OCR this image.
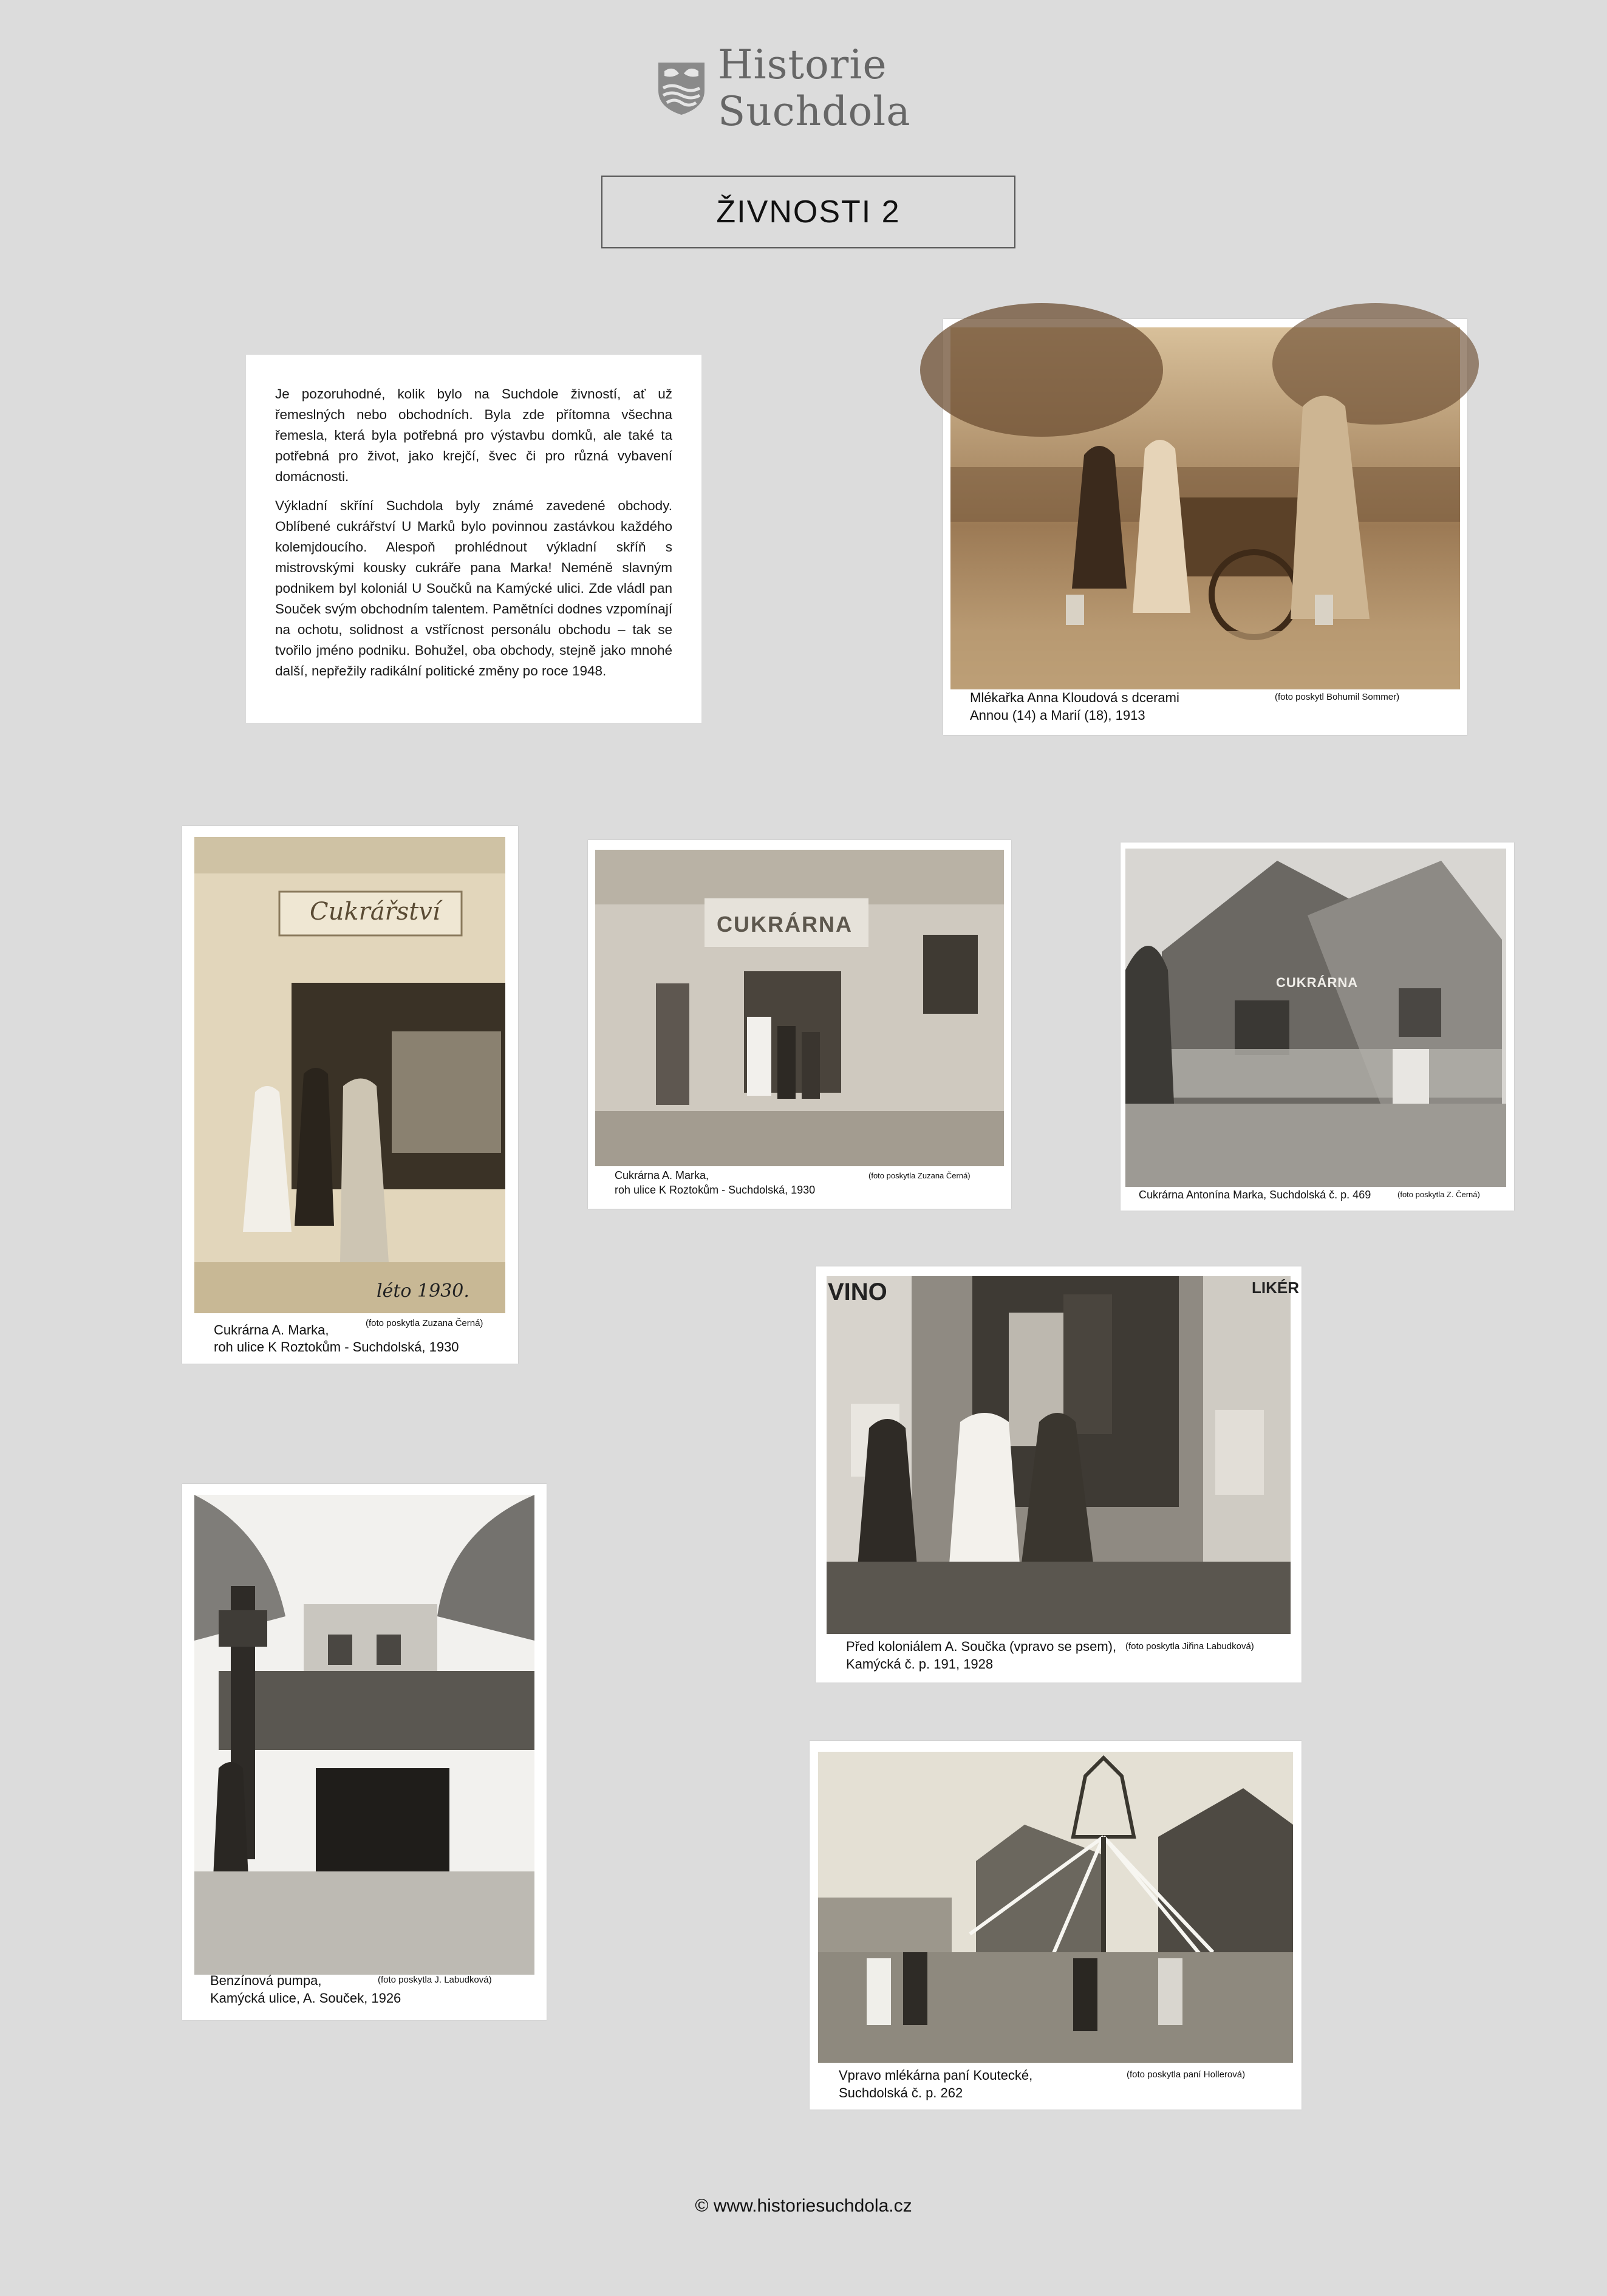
Historie Suchdola
ŽIVNOSTI 2

Je pozoruhodné, kolik bylo na Suchdole živností, ať už řemeslných nebo obchodních. Byla zde přítomna všechna řemesla, která byla potřebná pro výstavbu domků, ale také ta potřebná pro život, jako krejčí, švec či pro různá vybavení domácnosti.

Výkladní skříní Suchdola byly známé zavedené obchody. Oblíbené cukrářství U Marků bylo povinnou zastávkou každého kolemjdoucího. Alespoň prohlédnout výkladní skříň s mistrovskými kousky cukráře pana Marka! Neméně slavným podnikem byl koloniál U Součků na Kamýcké ulici. Zde vládl pan Souček svým obchodním talentem. Pamětníci dodnes vzpomínají na ochotu, solidnost a vstřícnost personálu obchodu – tak se tvořilo jméno podniku. Bohužel, oba obchody, stejně jako mnohé další, nepřežily radikální politické změny po roce 1948.

Mlékařka Anna Kloudová s dcerami
Annou (14) a Marií (18), 1913
(foto poskytl Bohumil Sommer)
Cukrářství
léto 1930.
Cukrárna A. Marka,
roh ulice K Roztokům - Suchdolská, 1930
(foto poskytla Zuzana Černá)
CUKRÁRNA
Cukrárna A. Marka,
roh ulice K Roztokům - Suchdolská, 1930
(foto poskytla Zuzana Černá)
CUKRÁRNA
Cukrárna Antonína Marka, Suchdolská č. p. 469	(foto poskytla Z. Černá)
VINO	LIKÉR
Před koloniálem A. Součka (vpravo se psem),
Kamýcká č. p. 191, 1928
(foto poskytla Jiřina Labudková)
Benzínová pumpa,
Kamýcká ulice, A. Souček, 1926
(foto poskytla J. Labudková)
Vpravo mlékárna paní Koutecké,
Suchdolská č. p. 262
(foto poskytla paní Hollerová)
© www.historiesuchdola.cz
